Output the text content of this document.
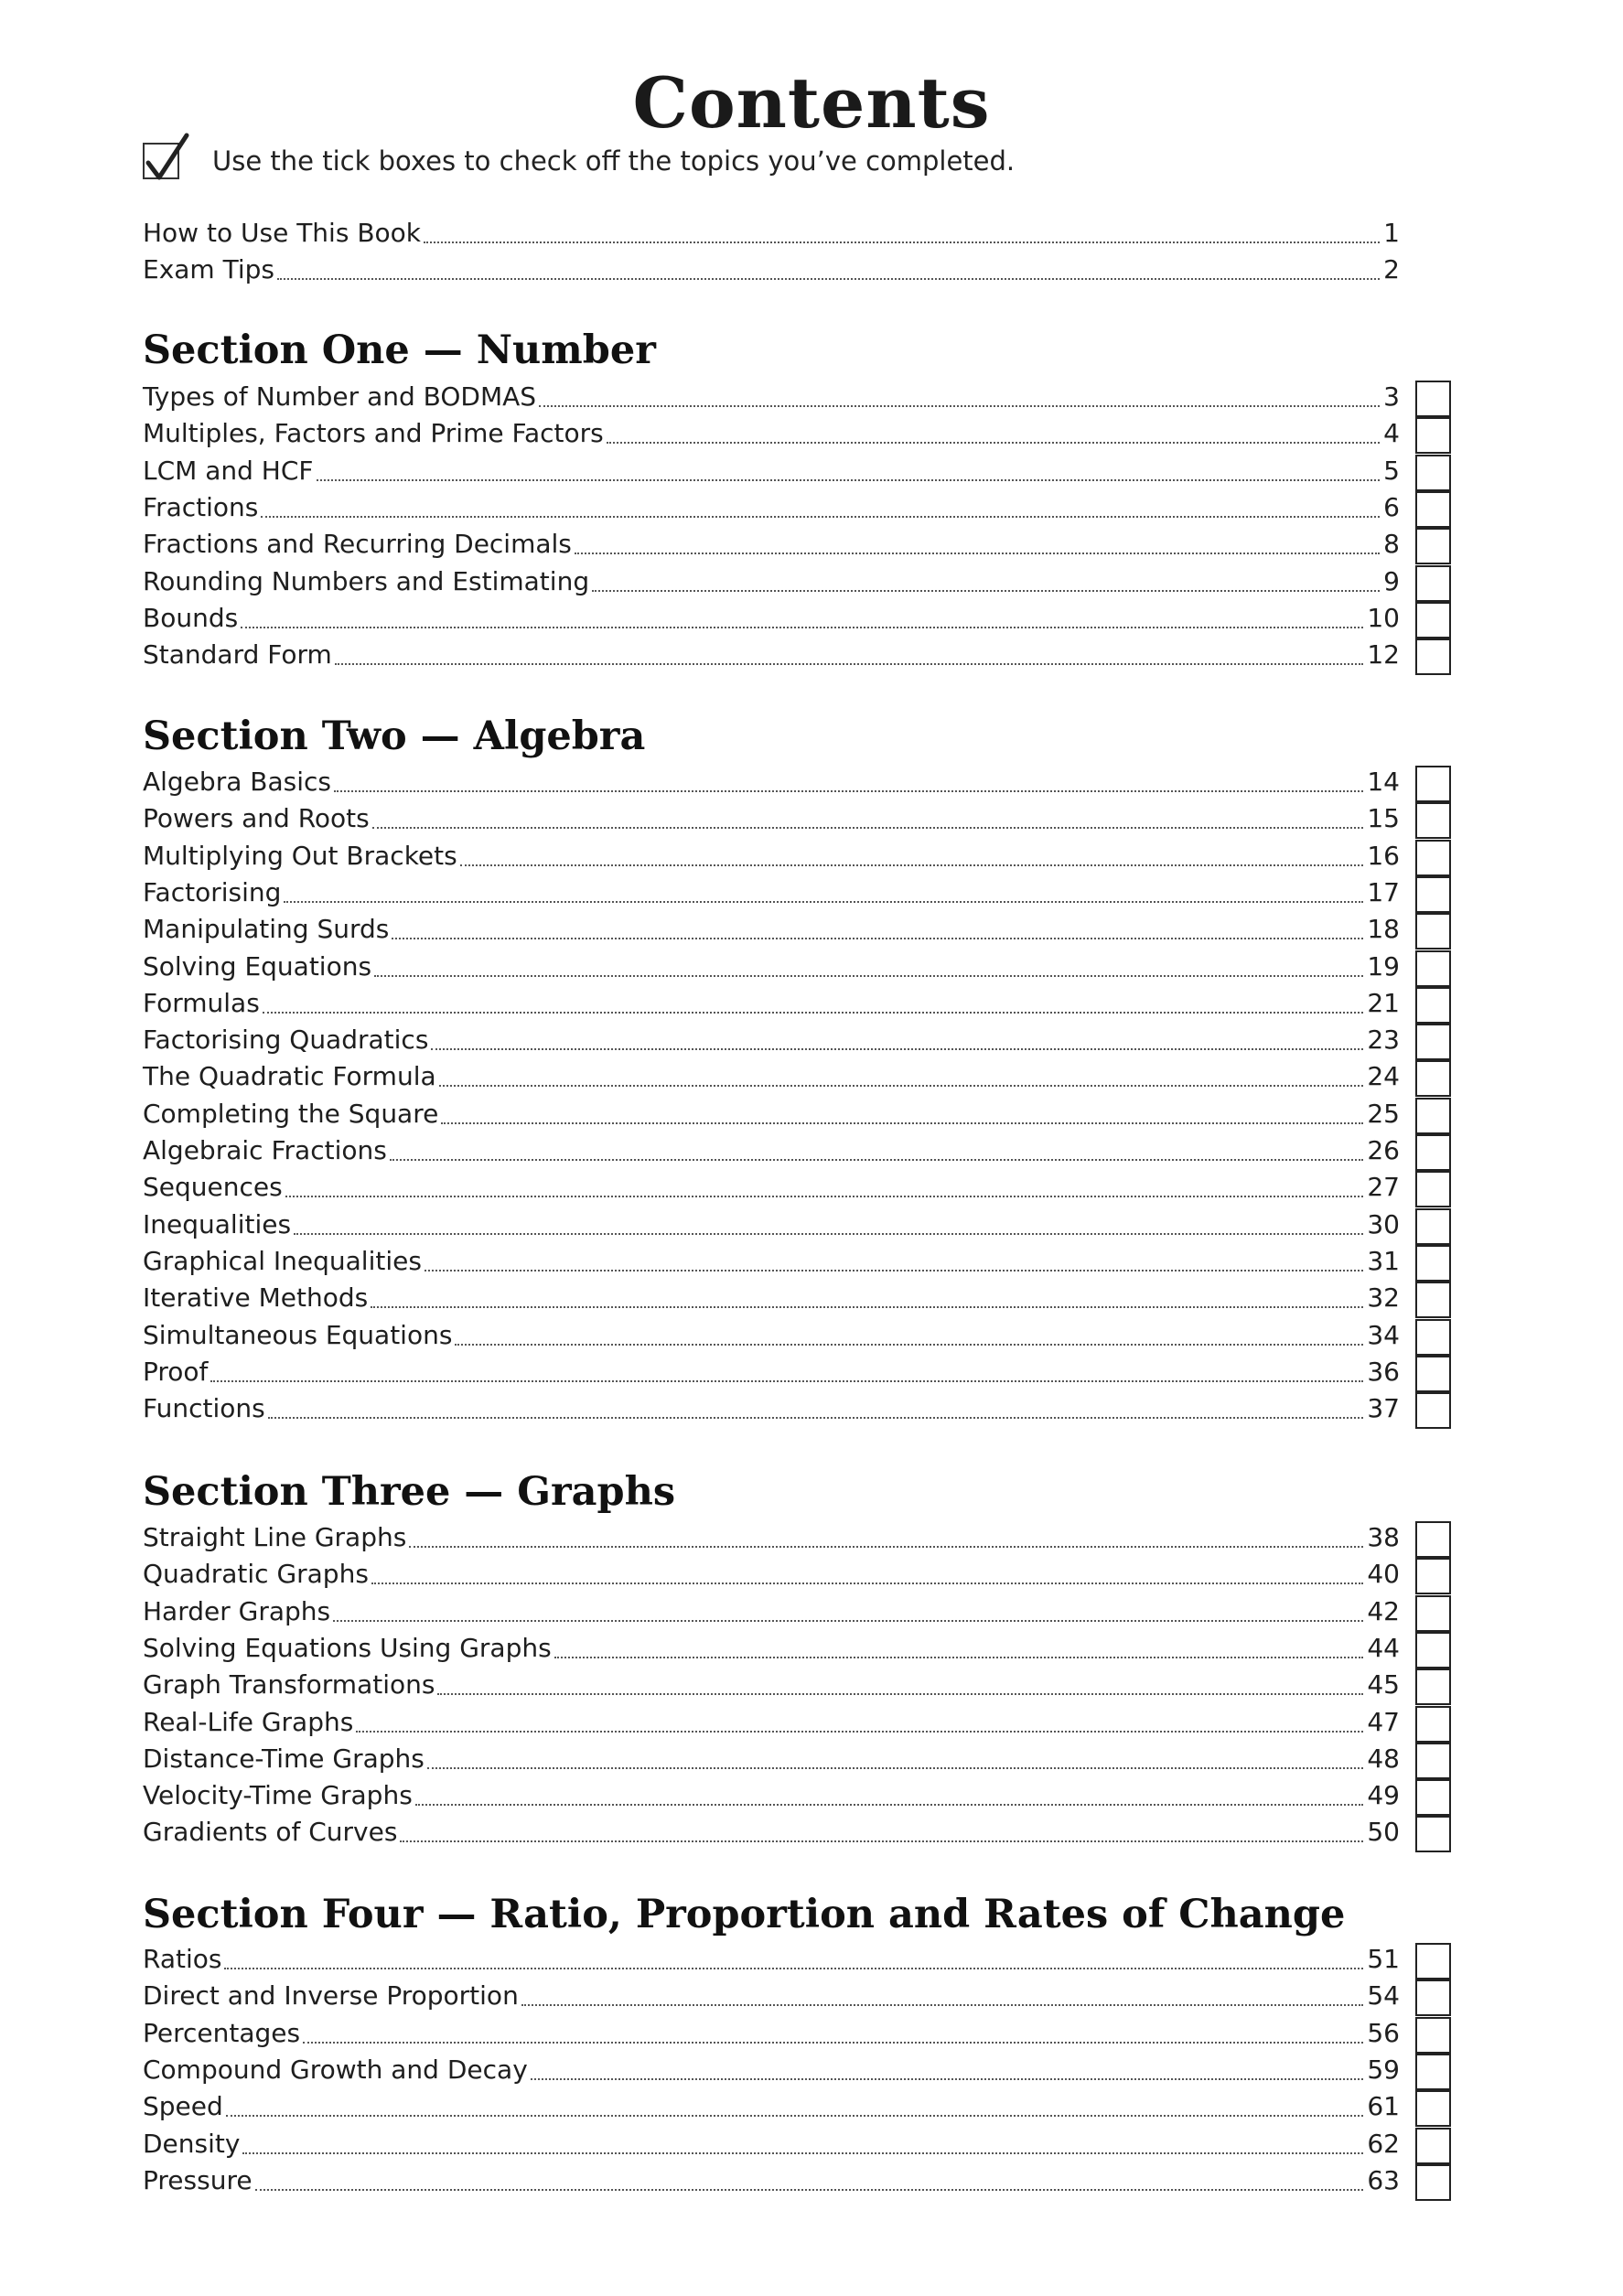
Contents
Use the tick boxes to check off the topics you’ve completed.
How to Use This Book	1
Exam Tips	2
Section One — Number
Types of Number and BODMAS	3
Multiples, Factors and Prime Factors	4
LCM and HCF	5
Fractions	6
Fractions and Recurring Decimals	8
Rounding Numbers and Estimating	9
Bounds	10
Standard Form	12
Section Two — Algebra
Algebra Basics	14
Powers and Roots	15
Multiplying Out Brackets	16
Factorising	17
Manipulating Surds	18
Solving Equations	19
Formulas	21
Factorising Quadratics	23
The Quadratic Formula	24
Completing the Square	25
Algebraic Fractions	26
Sequences	27
Inequalities	30
Graphical Inequalities	31
Iterative Methods	32
Simultaneous Equations	34
Proof	36
Functions	37
Section Three — Graphs
Straight Line Graphs	38
Quadratic Graphs	40
Harder Graphs	42
Solving Equations Using Graphs	44
Graph Transformations	45
Real-Life Graphs	47
Distance-Time Graphs	48
Velocity-Time Graphs	49
Gradients of Curves	50
Section Four — Ratio, Proportion and Rates of Change
Ratios	51
Direct and Inverse Proportion	54
Percentages	56
Compound Growth and Decay	59
Speed	61
Density	62
Pressure	63
